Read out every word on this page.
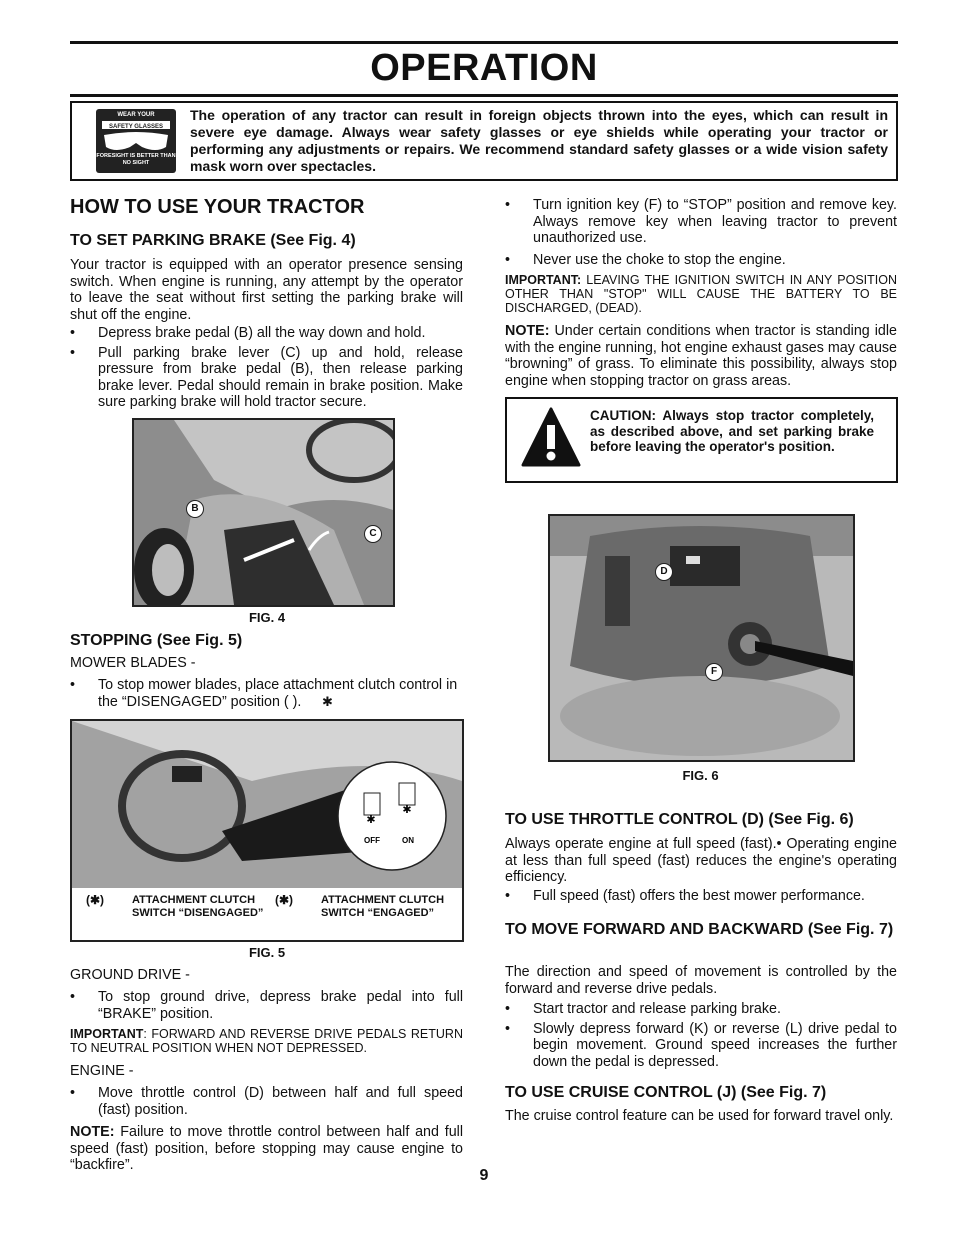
OPERATION
WEAR YOUR
SAFETY GLASSES
FORESIGHT IS BETTER THAN NO SIGHT
The operation of any tractor can result in foreign objects thrown into the eyes, which can result in severe eye damage. Always wear safety glasses or eye shields while operating your tractor or performing any adjustments or repairs. We recommend standard safety glasses or a wide vision safety mask worn over spectacles.
HOW TO USE YOUR TRACTOR
TO SET PARKING BRAKE (See Fig. 4)
Your tractor is equipped with an operator presence sensing switch. When engine is running, any attempt by the operator to leave the seat without first setting the parking brake will shut off the engine.
• Depress brake pedal (B) all the way down and hold.
• Pull parking brake lever (C) up and hold, release pressure from brake pedal (B), then release parking brake lever. Pedal should remain in brake position. Make sure parking brake will hold tractor secure.
B
C
FIG. 4
STOPPING (See Fig. 5)
MOWER BLADES -
• To stop mower blades, place attachment clutch control in the “DISENGAGED” position ( ).	✱
✱
✱
OFF	ON
(✱)	ATTACHMENT CLUTCH SWITCH “DISENGAGED”
(✱)	ATTACHMENT CLUTCH SWITCH “ENGAGED”
FIG. 5
GROUND DRIVE -
• To stop ground drive, depress brake pedal into full “BRAKE” position.
IMPORTANT: FORWARD AND REVERSE DRIVE PEDALS RETURN TO NEUTRAL POSITION WHEN NOT DEPRESSED.
ENGINE -
• Move throttle control (D) between half and full speed (fast) position.
NOTE: Failure to move throttle control between half and full speed (fast) position, before stopping may cause engine to “backfire”.
• Turn ignition key (F) to “STOP” position and remove key. Always remove key when leaving tractor to prevent unauthorized use.
• Never use the choke to stop the engine.
IMPORTANT: LEAVING THE IGNITION SWITCH IN ANY POSITION OTHER THAN "STOP" WILL CAUSE THE BATTERY TO BE DISCHARGED, (DEAD).
NOTE: Under certain conditions when tractor is standing idle with the engine running, hot engine exhaust gases may cause “browning” of grass. To eliminate this possibility, always stop engine when stopping tractor on grass areas.
CAUTION: Always stop tractor completely, as described above, and set parking brake before leaving the operator's position.
D
F
FIG. 6
TO USE THROTTLE CONTROL (D) (See Fig. 6)
Always operate engine at full speed (fast).• Operating engine at less than full speed (fast) reduces the engine's operating efficiency.
• Full speed (fast) offers the best mower performance.
TO MOVE FORWARD AND BACKWARD (See Fig. 7)
The direction and speed of movement is controlled by the forward and reverse drive pedals.
• Start tractor and release parking brake.
• Slowly depress forward (K) or reverse (L) drive pedal to begin movement. Ground speed increases the further down the pedal is depressed.
TO USE CRUISE CONTROL (J) (See Fig. 7)
The cruise control feature can be used for forward travel only.
9
